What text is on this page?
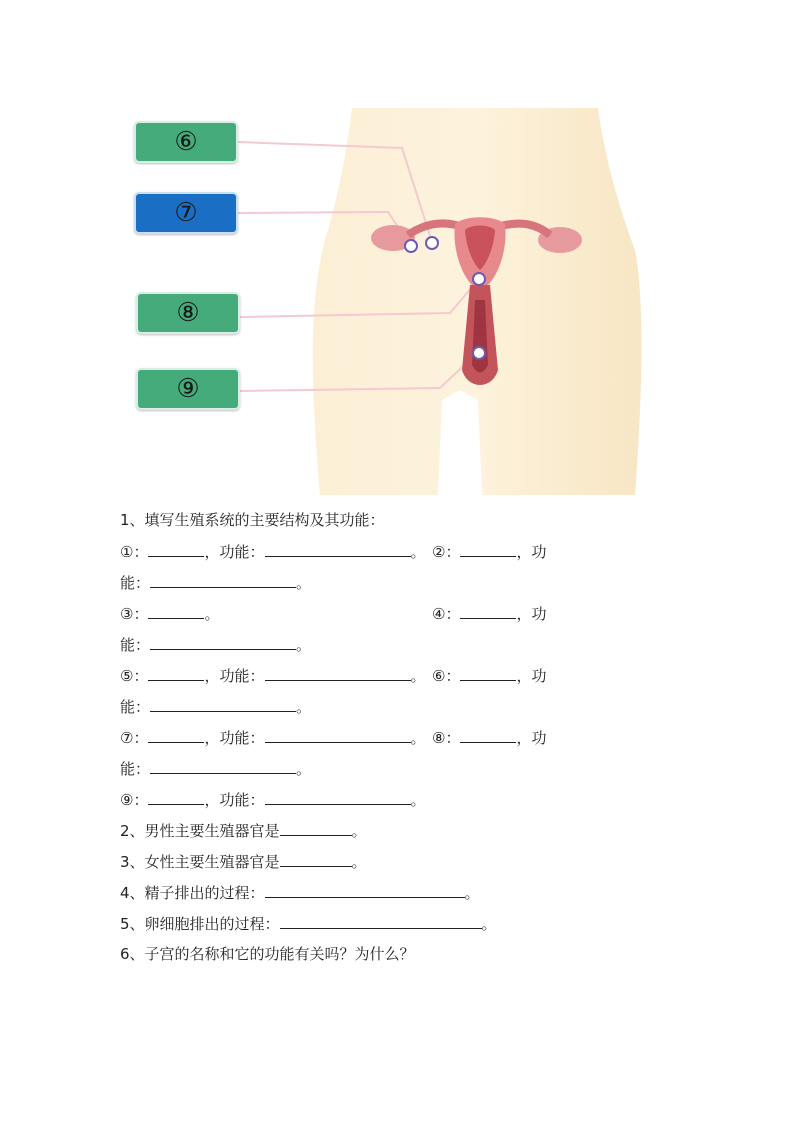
⑥
⑦
⑧
⑨
1、填写生殖系统的主要结构及其功能：
①：	，功能：	。 ②：	，功
能：	。
③：	。	④：	，功
能：	。
⑤：	，功能：	。 ⑥：	，功
能：	。
⑦：	，功能：	。 ⑧：	，功
能：	。
⑨：	，功能：	。
2、男性主要生殖器官是	。
3、女性主要生殖器官是	。
4、精子排出的过程：	。
5、卵细胞排出的过程：	。
6、子宫的名称和它的功能有关吗？为什么？
